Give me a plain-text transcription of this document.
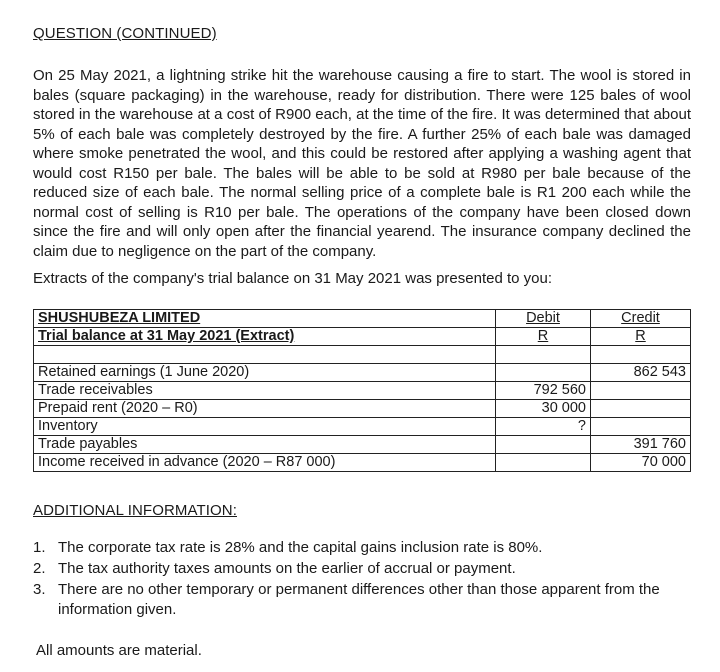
QUESTION (CONTINUED)
On 25 May 2021, a lightning strike hit the warehouse causing a fire to start. The wool is stored in bales (square packaging) in the warehouse, ready for distribution. There were 125 bales of wool stored in the warehouse at a cost of R900 each, at the time of the fire. It was determined that about 5% of each bale was completely destroyed by the fire. A further 25% of each bale was damaged where smoke penetrated the wool, and this could be restored after applying a washing agent that would cost R150 per bale. The bales will be able to be sold at R980 per bale because of the reduced size of each bale. The normal selling price of a complete bale is R1 200 each while the normal cost of selling is R10 per bale. The operations of the company have been closed down since the fire and will only open after the financial yearend. The insurance company declined the claim due to negligence on the part of the company.
Extracts of the company's trial balance on 31 May 2021 was presented to you:
SHUSHUBEZA LIMITED	Debit	Credit
Trial balance at 31 May 2021 (Extract)	R	R

Retained earnings (1 June 2020)		862 543
Trade receivables	792 560	
Prepaid rent (2020 – R0)	30 000	
Inventory	?	
Trade payables		391 760
Income received in advance (2020 – R87 000)		70 000
ADDITIONAL INFORMATION:
1. The corporate tax rate is 28% and the capital gains inclusion rate is 80%.
2. The tax authority taxes amounts on the earlier of accrual or payment.
3. There are no other temporary or permanent differences other than those apparent from the information given.
All amounts are material.
